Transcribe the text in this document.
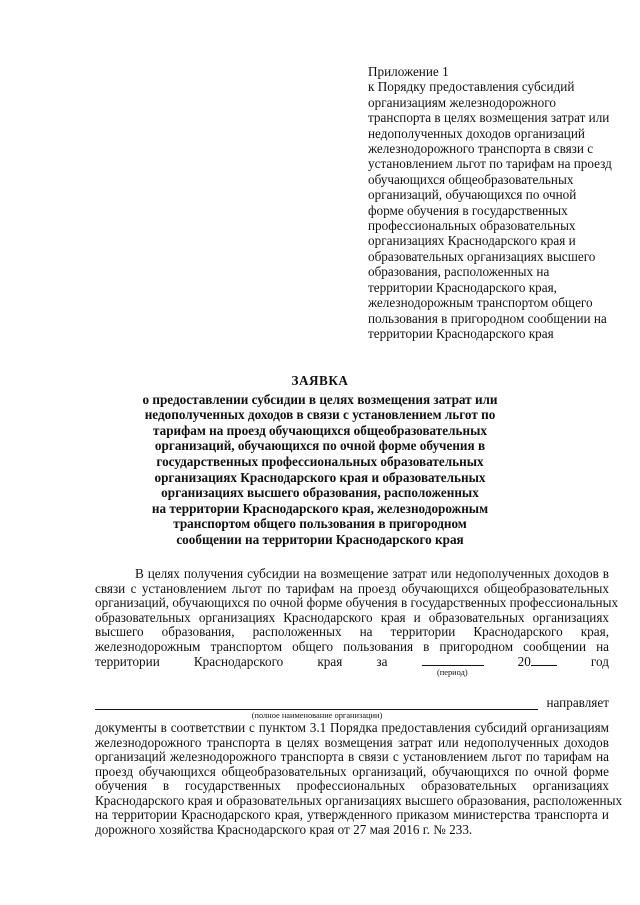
Приложение 1
к Порядку предоставления субсидий
организациям железнодорожного
транспорта в целях возмещения затрат или
недополученных доходов организаций
железнодорожного транспорта в связи с
установлением льгот по тарифам на проезд
обучающихся общеобразовательных
организаций, обучающихся по очной
форме обучения в государственных
профессиональных образовательных
организациях Краснодарского края и
образовательных организациях высшего
образования, расположенных на
территории Краснодарского края,
железнодорожным транспортом общего
пользования в пригородном сообщении на
территории Краснодарского края
ЗАЯВКА
о предоставлении субсидии в целях возмещения затрат или
недополученных доходов в связи с установлением льгот по
тарифам на проезд обучающихся общеобразовательных
организаций, обучающихся по очной форме обучения в
государственных профессиональных образовательных
организациях Краснодарского края и образовательных
организациях высшего образования, расположенных
на территории Краснодарского края, железнодорожным
транспортом общего пользования в пригородном
сообщении на территории Краснодарского края
В целях получения субсидии на возмещение затрат или недополученных доходов в
связи с установлением льгот по тарифам на проезд обучающихся общеобразовательных
организаций, обучающихся по очной форме обучения в государственных профессиональных
образовательных организациях Краснодарского края и образовательных организациях
высшего образования, расположенных на территории Краснодарского края,
железнодорожным транспортом общего пользования в пригородном сообщении на
территории	Краснодарского	края	за	20	год
(период)
направляет
(полное наименование организации)
документы в соответствии с пунктом 3.1 Порядка предоставления субсидий организациям
железнодорожного транспорта в целях возмещения затрат или недополученных доходов
организаций железнодорожного транспорта в связи с установлением льгот по тарифам на
проезд обучающихся общеобразовательных организаций, обучающихся по очной форме
обучения в государственных профессиональных образовательных организациях
Краснодарского края и образовательных организациях высшего образования, расположенных
на территории Краснодарского края, утвержденного приказом министерства транспорта и
дорожного хозяйства Краснодарского края от 27 мая 2016 г. № 233.
